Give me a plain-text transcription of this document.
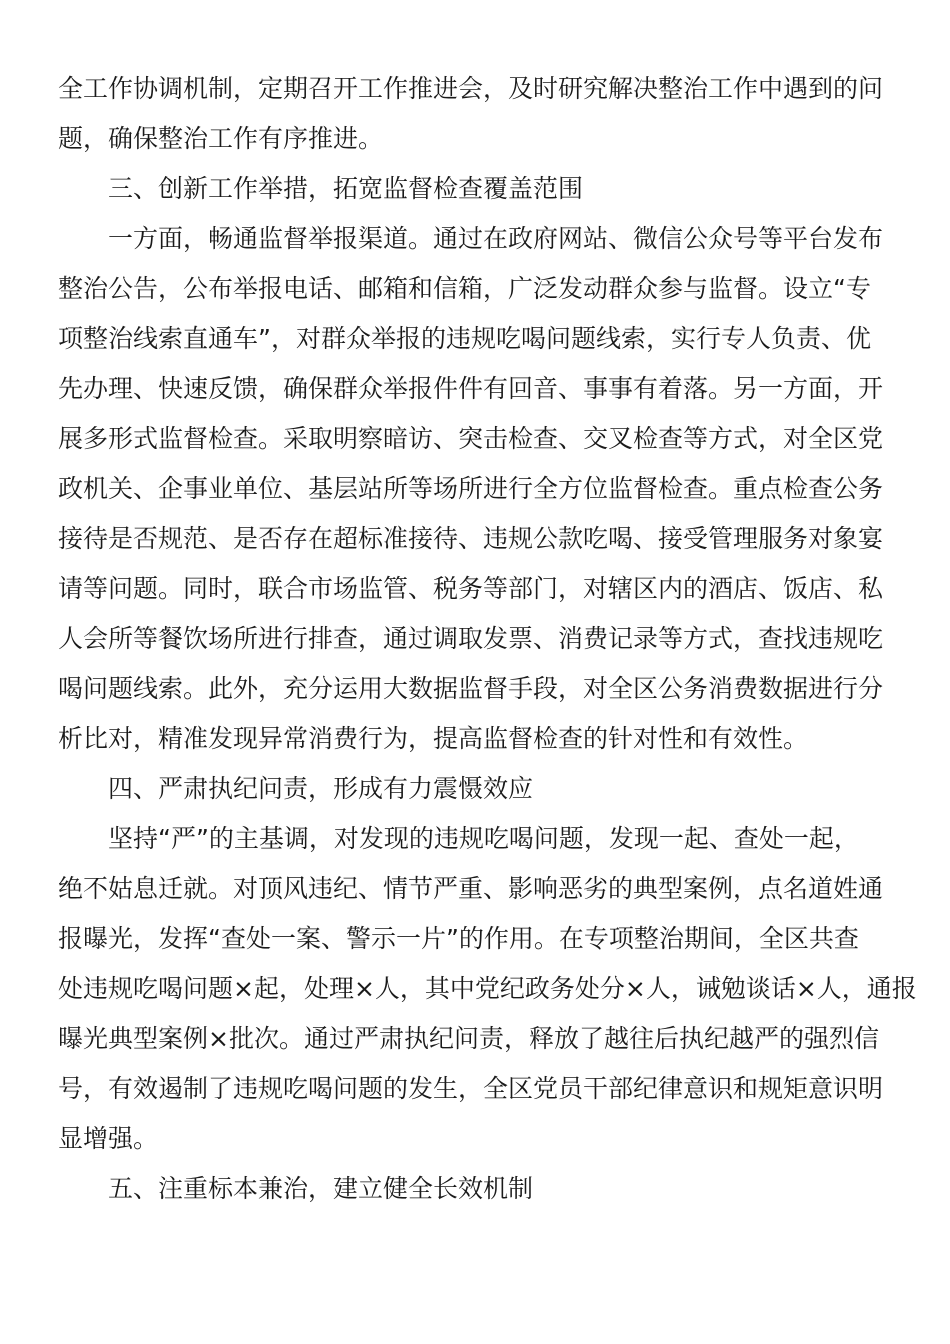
全工作协调机制，定期召开工作推进会，及时研究解决整治工作中遇到的问
题，确保整治工作有序推进。
三、创新工作举措，拓宽监督检查覆盖范围
一方面，畅通监督举报渠道。通过在政府网站、微信公众号等平台发布
整治公告，公布举报电话、邮箱和信箱，广泛发动群众参与监督。设立“专
项整治线索直通车”，对群众举报的违规吃喝问题线索，实行专人负责、优
先办理、快速反馈，确保群众举报件件有回音、事事有着落。另一方面，开
展多形式监督检查。采取明察暗访、突击检查、交叉检查等方式，对全区党
政机关、企事业单位、基层站所等场所进行全方位监督检查。重点检查公务
接待是否规范、是否存在超标准接待、违规公款吃喝、接受管理服务对象宴
请等问题。同时，联合市场监管、税务等部门，对辖区内的酒店、饭店、私
人会所等餐饮场所进行排查，通过调取发票、消费记录等方式，查找违规吃
喝问题线索。此外，充分运用大数据监督手段，对全区公务消费数据进行分
析比对，精准发现异常消费行为，提高监督检查的针对性和有效性。
四、严肃执纪问责，形成有力震慑效应
坚持“严”的主基调，对发现的违规吃喝问题，发现一起、查处一起，
绝不姑息迁就。对顶风违纪、情节严重、影响恶劣的典型案例，点名道姓通
报曝光，发挥“查处一案、警示一片”的作用。在专项整治期间，全区共查
处违规吃喝问题×起，处理×人，其中党纪政务处分×人，诫勉谈话×人，通报
曝光典型案例×批次。通过严肃执纪问责，释放了越往后执纪越严的强烈信
号，有效遏制了违规吃喝问题的发生，全区党员干部纪律意识和规矩意识明
显增强。
五、注重标本兼治，建立健全长效机制
